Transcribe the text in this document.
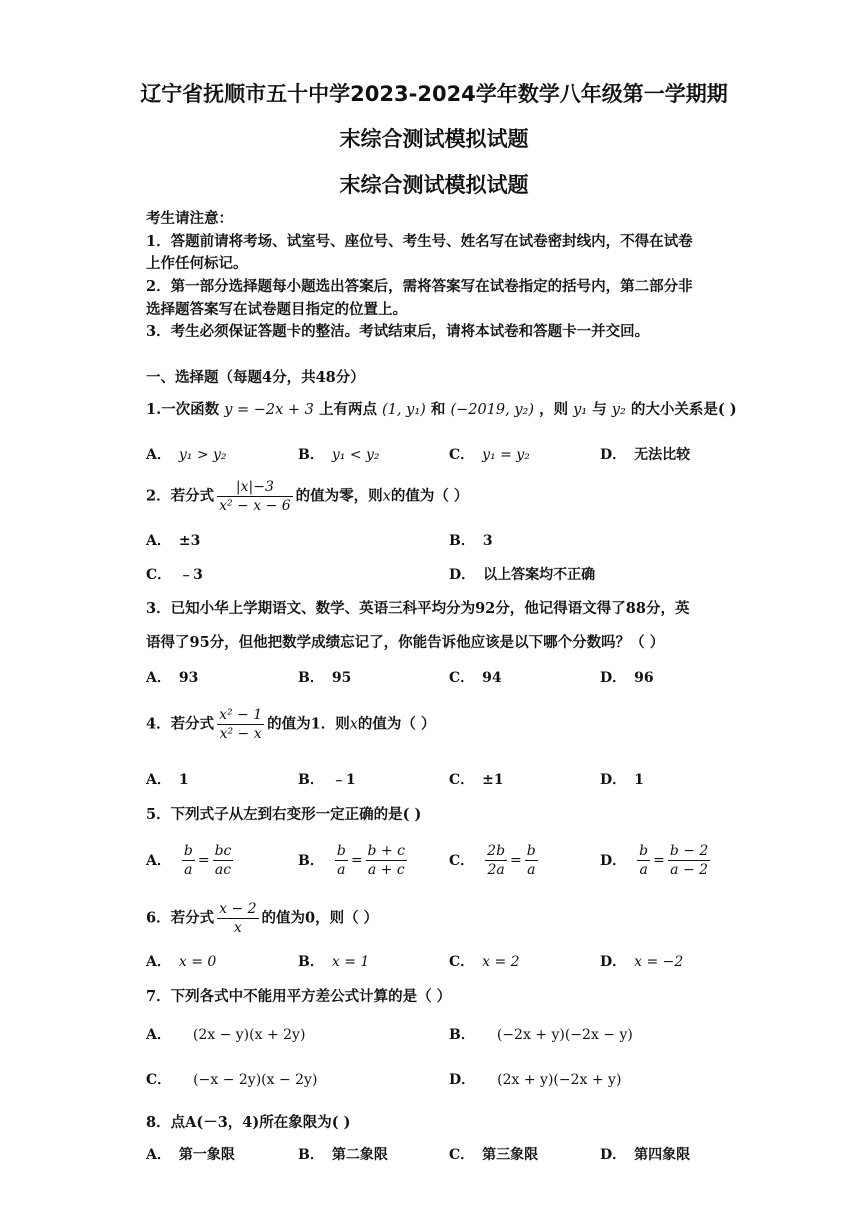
辽宁省抚顺市五十中学2023-2024学年数学八年级第一学期期
末综合测试模拟试题
末综合测试模拟试题
考生请注意：
1．答题前请将考场、试室号、座位号、考生号、姓名写在试卷密封线内，不得在试卷
上作任何标记。
2．第一部分选择题每小题选出答案后，需将答案写在试卷指定的括号内，第二部分非
选择题答案写在试卷题目指定的位置上。
3．考生必须保证答题卡的整洁。考试结束后，请将本试卷和答题卡一并交回。
一、选择题（每题4分，共48分）
1.一次函数 y = −2x + 3 上有两点 (1, y₁) 和 (−2019, y₂) ，则 y₁ 与 y₂ 的大小关系是( )
A． y₁ > y₂	B． y₁ < y₂	C． y₁ = y₂	D． 无法比较
2．若分式 $\frac{|x|-3}{\text{x² − x − 6}}$ 的值为零，则x的值为（ ）
A． ±3	B． 3
C． ﹣3	D． 以上答案均不正确
3．已知小华上学期语文、数学、英语三科平均分为92分，他记得语文得了88分，英
语得了95分，但他把数学成绩忘记了，你能告诉他应该是以下哪个分数吗？（ ）
A． 93	B． 95	C． 94	D． 96
4．若分式 $\frac{\text{x² − 1}}{\text{x² − x}}$ 的值为1．则x的值为（ ）
A． 1	B． ﹣1	C． ±1	D． 1
5．下列式子从左到右变形一定正确的是( )
A． $\frac{b}{a} = \frac{bc}{ac}$	B． $\frac{b}{a} = \frac{b + c}{a + c}$	C． $\frac{2b}{2a} = \frac{b}{a}$	D． $\frac{b}{a} = \frac{b - 2}{a - 2}$
6．若分式 $\frac{x - 2}{x}$ 的值为0，则（ ）
A． x = 0	B． x = 1	C． x = 2	D． x = −2
7．下列各式中不能用平方差公式计算的是（ ）
A． (2x − y)(x + 2y)	B． (−2x + y)(−2x − y)
C． (−x − 2y)(x − 2y)	D． (2x + y)(−2x + y)
8．点A(－3，4)所在象限为( )
A． 第一象限	B． 第二象限	C． 第三象限	D． 第四象限
